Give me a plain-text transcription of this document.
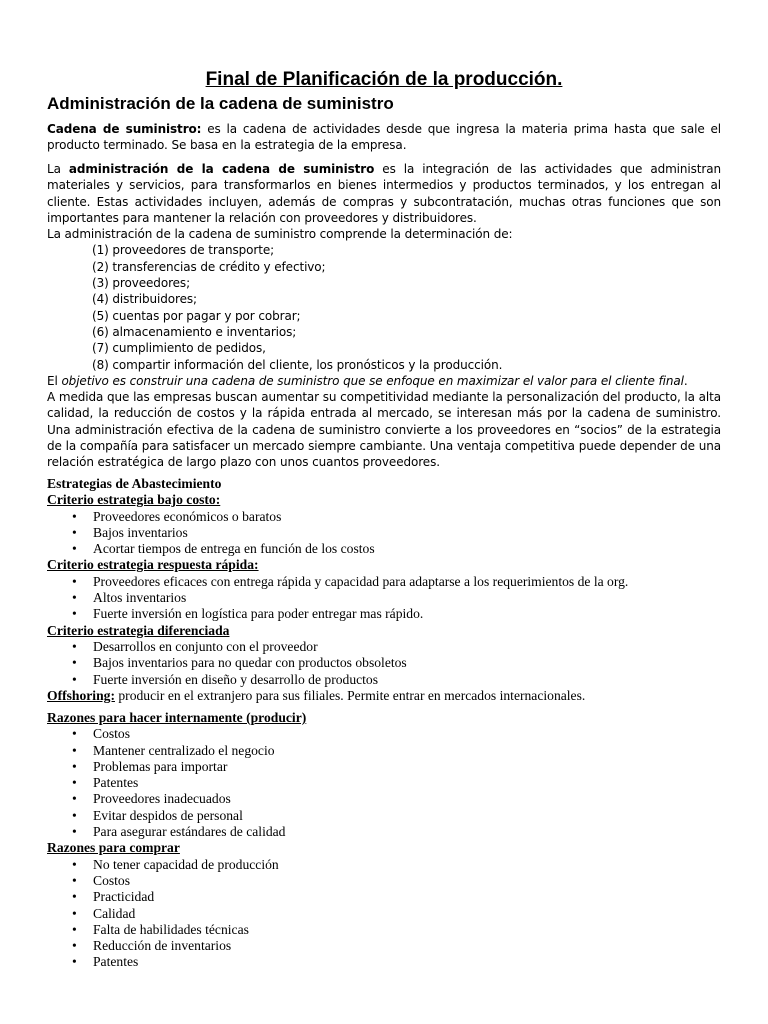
Final de Planificación de la producción.
Administración de la cadena de suministro

Cadena de suministro: es la cadena de actividades desde que ingresa la materia prima hasta que sale el producto terminado. Se basa en la estrategia de la empresa.

La administración de la cadena de suministro es la integración de las actividades que administran materiales y servicios, para transformarlos en bienes intermedios y productos terminados, y los entregan al cliente. Estas actividades incluyen, además de compras y subcontratación, muchas otras funciones que son importantes para mantener la relación con proveedores y distribuidores.

La administración de la cadena de suministro comprende la determinación de:

(1) proveedores de transporte;
(2) transferencias de crédito y efectivo;
(3) proveedores;
(4) distribuidores;
(5) cuentas por pagar y por cobrar;
(6) almacenamiento e inventarios;
(7) cumplimiento de pedidos,
(8) compartir información del cliente, los pronósticos y la producción.

El objetivo es construir una cadena de suministro que se enfoque en maximizar el valor para el cliente final.

A medida que las empresas buscan aumentar su competitividad mediante la personalización del producto, la alta calidad, la reducción de costos y la rápida entrada al mercado, se interesan más por la cadena de suministro. Una administración efectiva de la cadena de suministro convierte a los proveedores en “socios” de la estrategia de la compañía para satisfacer un mercado siempre cambiante. Una ventaja competitiva puede depender de una relación estratégica de largo plazo con unos cuantos proveedores.

Estrategias de Abastecimiento

Criterio estrategia bajo costo:

• Proveedores económicos o baratos
• Bajos inventarios
• Acortar tiempos de entrega en función de los costos

Criterio estrategia respuesta rápida:

• Proveedores eficaces con entrega rápida y capacidad para adaptarse a los requerimientos de la org.
• Altos inventarios
• Fuerte inversión en logística para poder entregar mas rápido.

Criterio estrategia diferenciada

• Desarrollos en conjunto con el proveedor
• Bajos inventarios para no quedar con productos obsoletos
• Fuerte inversión en diseño y desarrollo de productos

Offshoring: producir en el extranjero para sus filiales. Permite entrar en mercados internacionales.

Razones para hacer internamente (producir)

• Costos
• Mantener centralizado el negocio
• Problemas para importar
• Patentes
• Proveedores inadecuados
• Evitar despidos de personal
• Para asegurar estándares de calidad

Razones para comprar

• No tener capacidad de producción
• Costos
• Practicidad
• Calidad
• Falta de habilidades técnicas
• Reducción de inventarios
• Patentes
